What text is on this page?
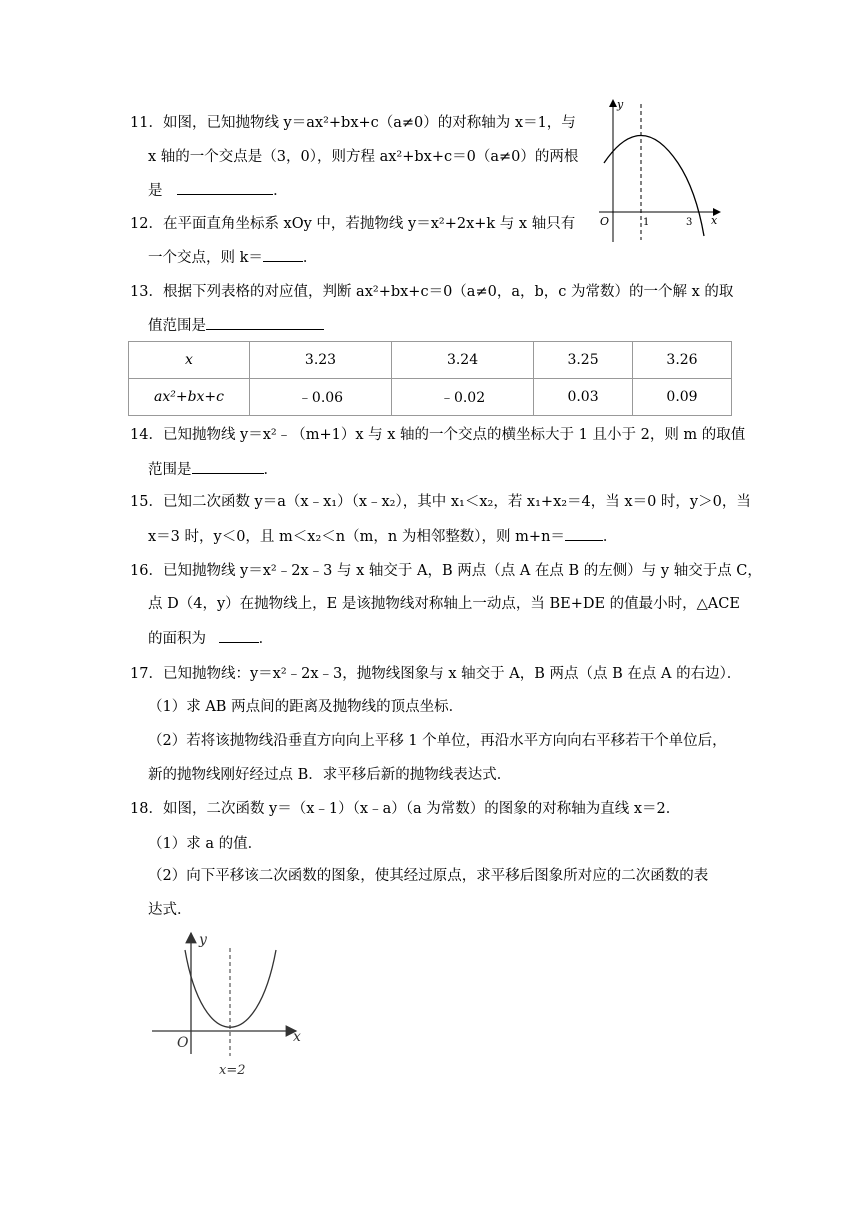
11．如图，已知抛物线 y＝ax²+bx+c（a≠0）的对称轴为 x＝1，与
x 轴的一个交点是（3，0），则方程 ax²+bx+c＝0（a≠0）的两根
是	．
y
x
O	1	3
12．在平面直角坐标系 xOy 中，若抛物线 y＝x²+2x+k 与 x 轴只有
一个交点，则 k＝	．
13．根据下列表格的对应值，判断 ax²+bx+c＝0（a≠0，a，b，c 为常数）的一个解 x 的取
值范围是
x	3.23	3.24	3.25	3.26
ax²+bx+c	﹣0.06	﹣0.02	0.03	0.09
14．已知抛物线 y＝x²﹣（m+1）x 与 x 轴的一个交点的横坐标大于 1 且小于 2，则 m 的取值
范围是	．
15．已知二次函数 y＝a（x﹣x₁）（x﹣x₂），其中 x₁＜x₂，若 x₁+x₂＝4，当 x＝0 时，y＞0，当
x＝3 时，y＜0，且 m＜x₂＜n（m，n 为相邻整数），则 m+n＝	．
16．已知抛物线 y＝x²﹣2x﹣3 与 x 轴交于 A，B 两点（点 A 在点 B 的左侧）与 y 轴交于点 C，
点 D（4，y）在抛物线上，E 是该抛物线对称轴上一动点，当 BE+DE 的值最小时，△ACE
的面积为	．
17．已知抛物线：y＝x²﹣2x﹣3，抛物线图象与 x 轴交于 A，B 两点（点 B 在点 A 的右边）．
（1）求 AB 两点间的距离及抛物线的顶点坐标．
（2）若将该抛物线沿垂直方向向上平移 1 个单位，再沿水平方向向右平移若干个单位后，
新的抛物线刚好经过点 B．求平移后新的抛物线表达式．
18．如图，二次函数 y＝（x﹣1）（x﹣a）（a 为常数）的图象的对称轴为直线 x＝2．
（1）求 a 的值．
（2）向下平移该二次函数的图象，使其经过原点，求平移后图象所对应的二次函数的表
达式．
y
x
O
x=2
